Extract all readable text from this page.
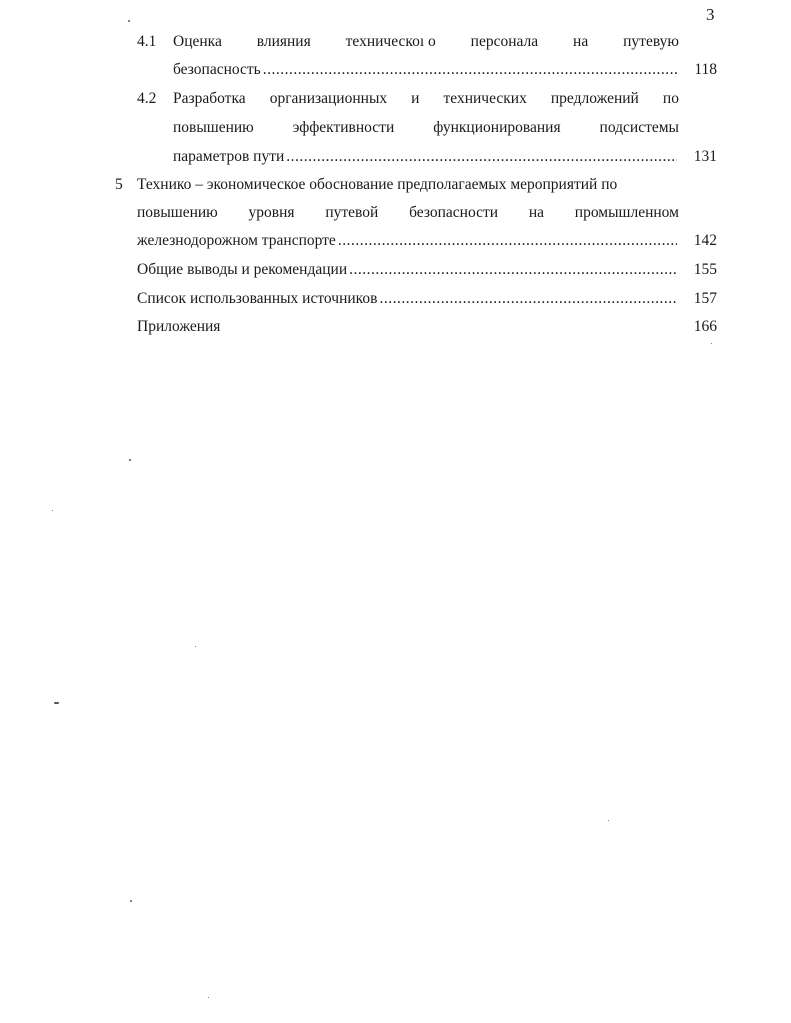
3
4.1 Оценка влияния техническоı о персонала на путевую
безопасность .....	118
4.2 Разработка организационных и технических предложений по
повышению	эффективности	функционирования	подсистемы
параметров пути .....	131
5 Технико – экономическое обоснование предполагаемых мероприятий по
повышению уровня путевой безопасности на промышленном
железнодорожном транспорте .....	142
Общие выводы и рекомендации .....	155
Список использованных источников .....	157
Приложения	166
